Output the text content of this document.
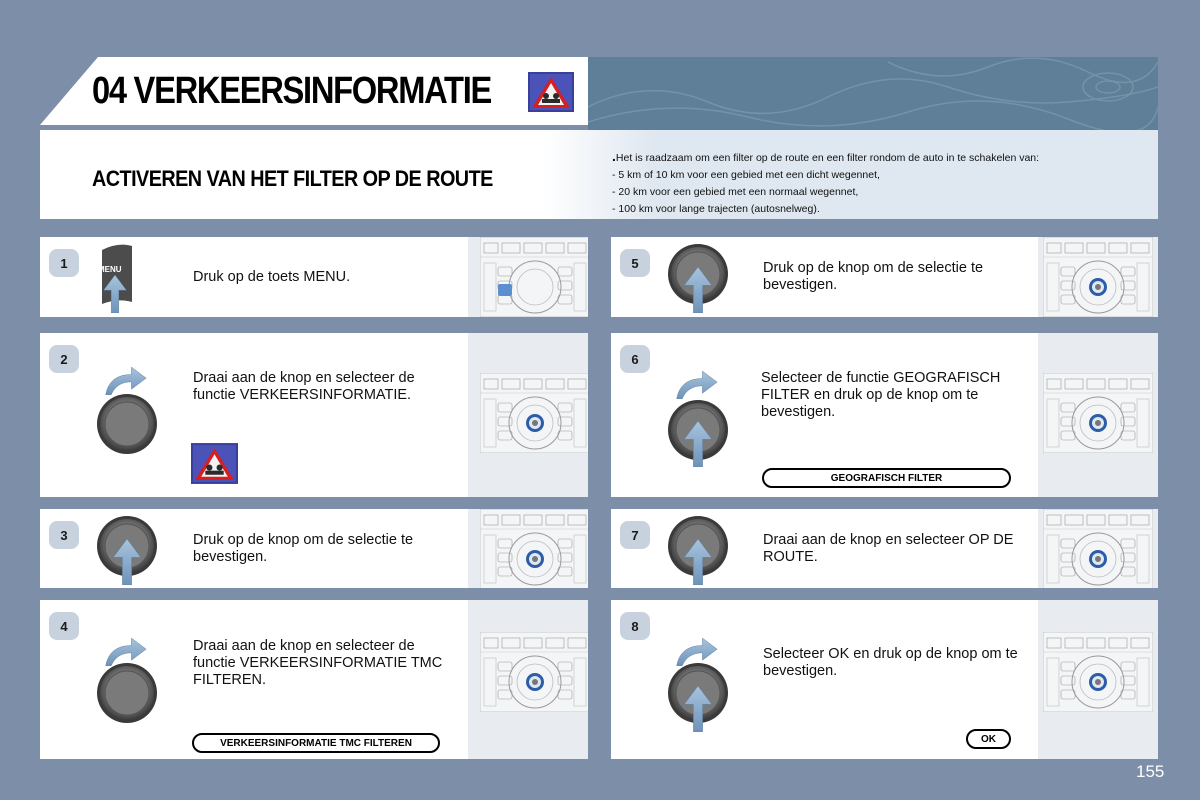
04 VERKEERSINFORMATIE
ACTIVEREN VAN HET FILTER OP DE ROUTE
.Het is raadzaam om een filter op de route en een filter rondom de auto in te schakelen van:
- 5 km of 10 km voor een gebied met een dicht wegennet,
- 20 km voor een gebied met een normaal wegennet,
- 100 km voor lange trajecten (autosnelweg).
1	MENU	Druk op de toets MENU.
2
Draai aan de knop en selecteer de functie VERKEERSINFORMATIE.
3	Druk op de knop om de selectie te bevestigen.
4
Draai aan de knop en selecteer de functie VERKEERSINFORMATIE TMC FILTEREN.
VERKEERSINFORMATIE TMC FILTEREN
5	Druk op de knop om de selectie te bevestigen.
6
Selecteer de functie GEOGRAFISCH FILTER en druk op de knop om te bevestigen.
GEOGRAFISCH FILTER
7	Draai aan de knop en selecteer OP DE ROUTE.
8
Selecteer OK en druk op de knop om te bevestigen.
OK
155
